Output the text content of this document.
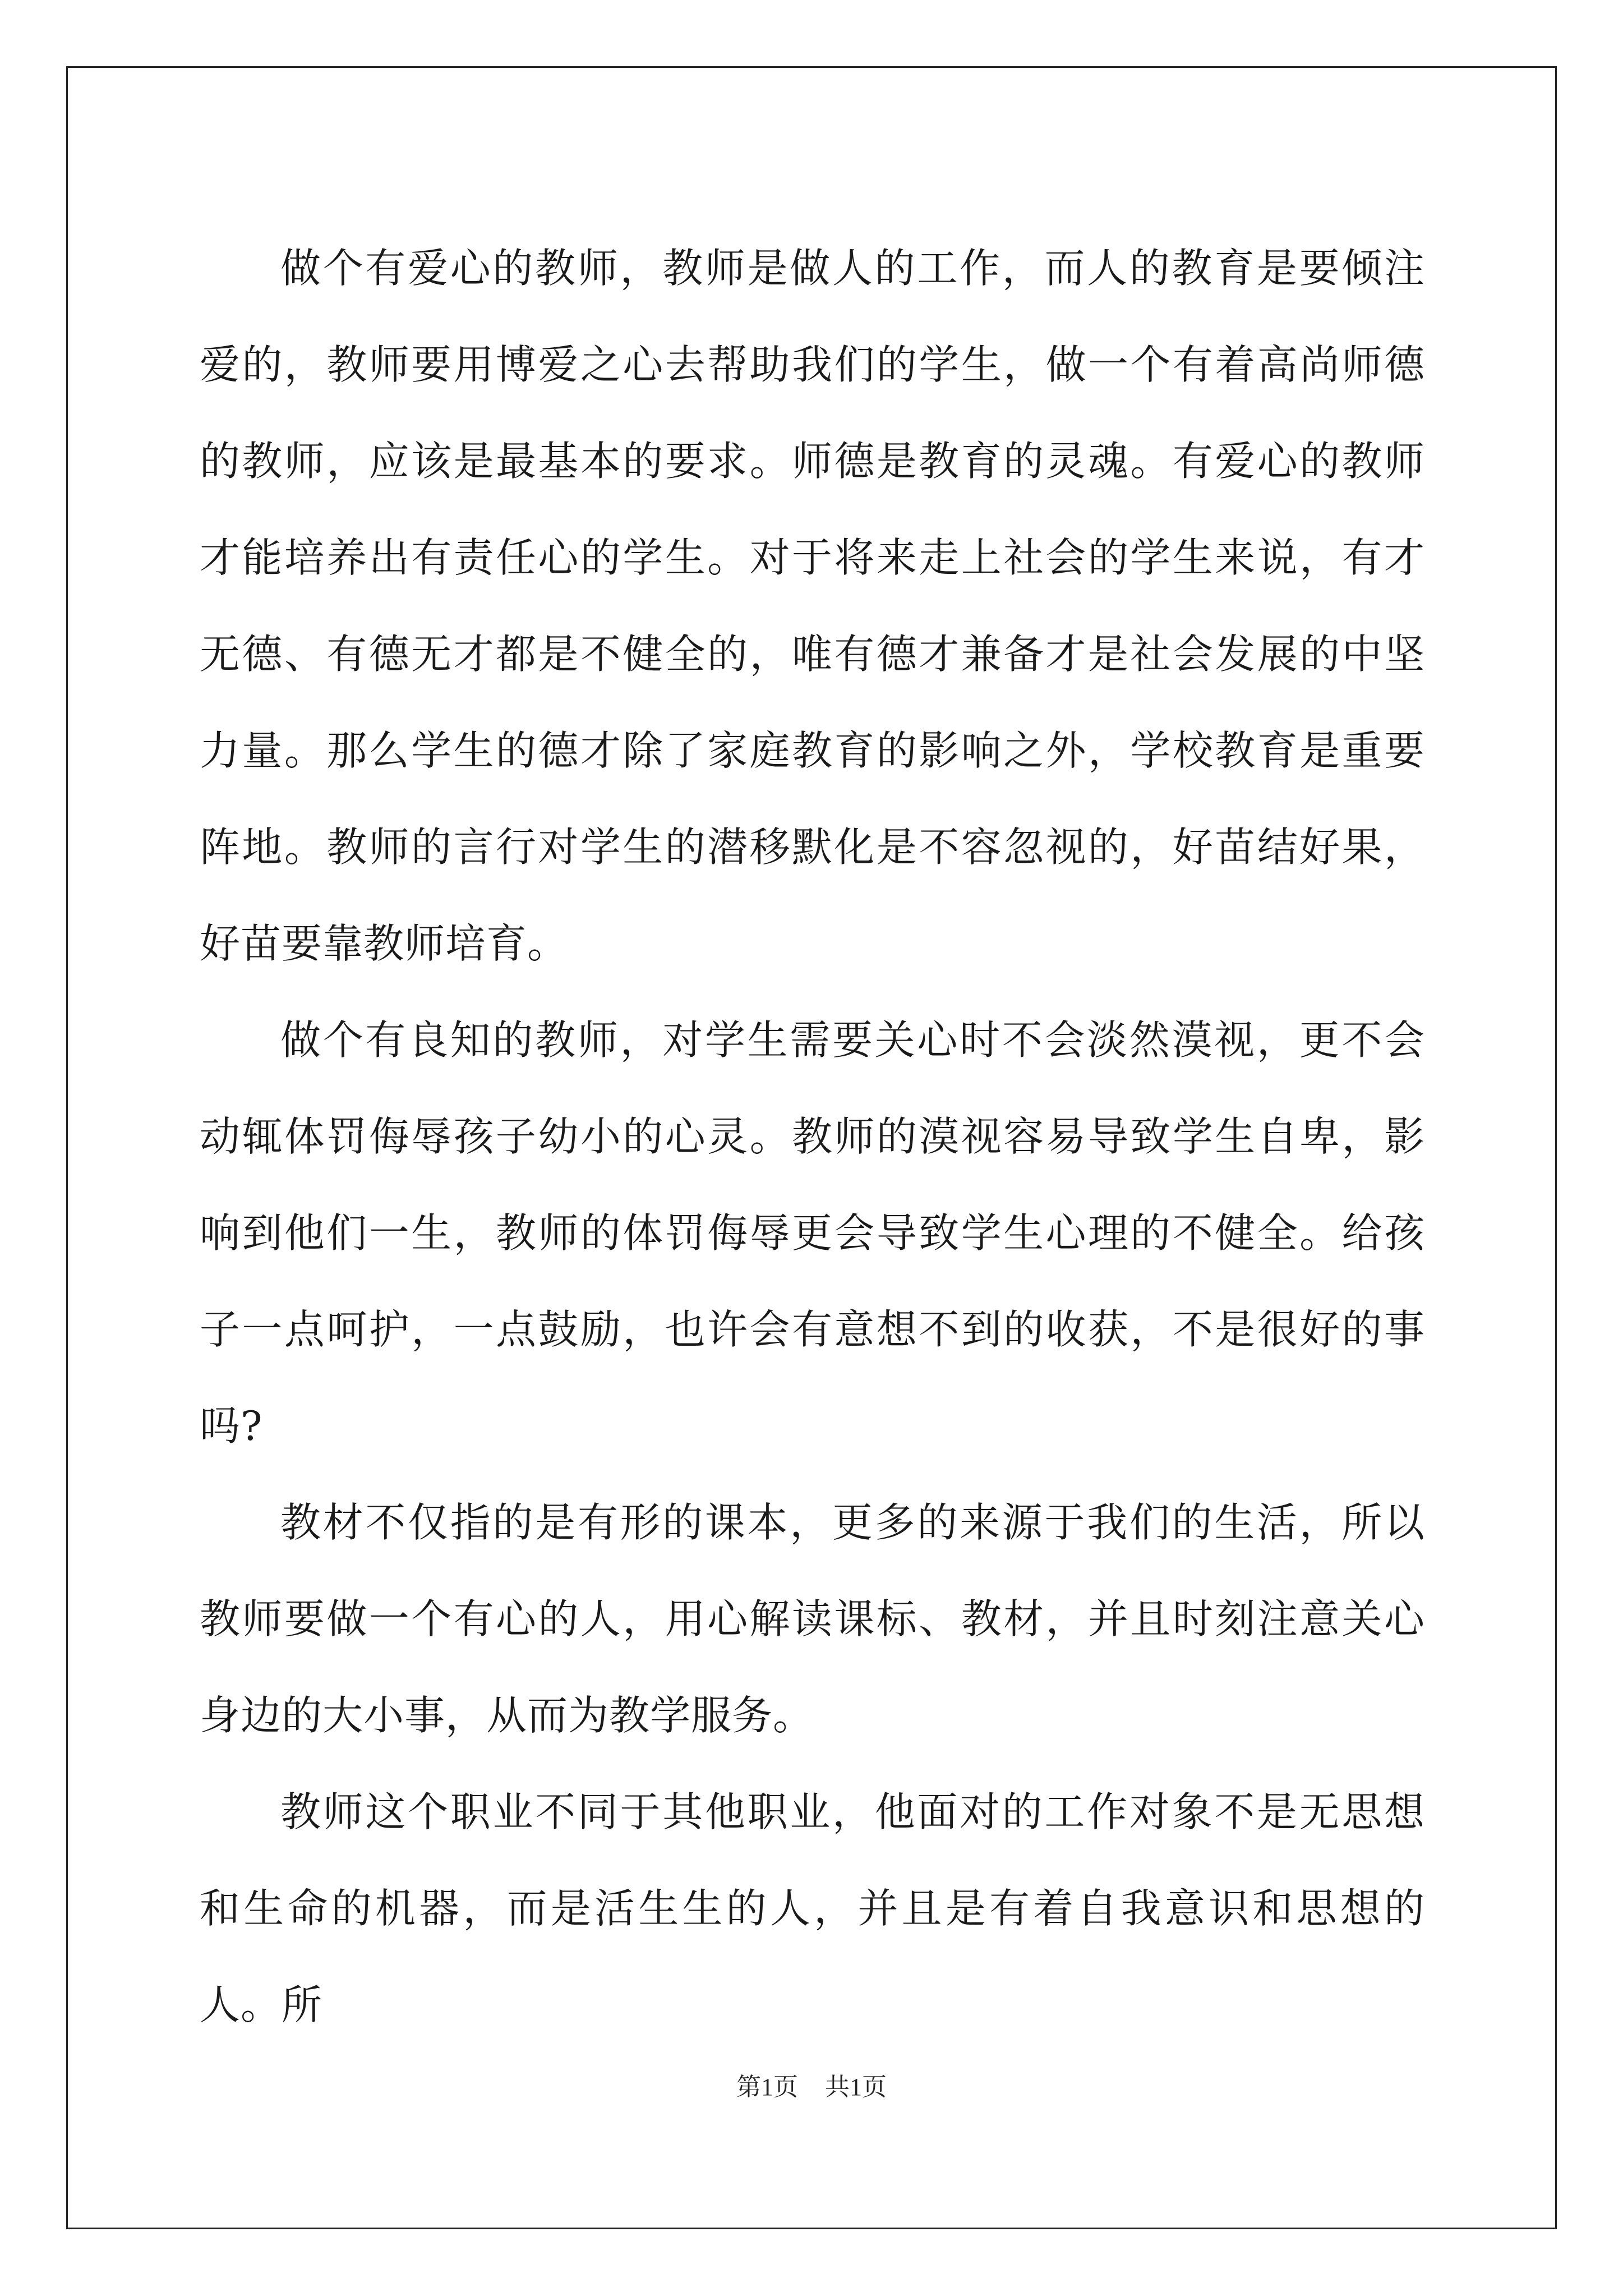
做个有爱心的教师，教师是做人的工作，而人的教育是要倾注爱的，教师要用博爱之心去帮助我们的学生，做一个有着高尚师德的教师，应该是最基本的要求。师德是教育的灵魂。有爱心的教师才能培养出有责任心的学生。对于将来走上社会的学生来说，有才无德、有德无才都是不健全的，唯有德才兼备才是社会发展的中坚力量。那么学生的德才除了家庭教育的影响之外，学校教育是重要阵地。教师的言行对学生的潜移默化是不容忽视的，好苗结好果，好苗要靠教师培育。

做个有良知的教师，对学生需要关心时不会淡然漠视，更不会动辄体罚侮辱孩子幼小的心灵。教师的漠视容易导致学生自卑，影响到他们一生，教师的体罚侮辱更会导致学生心理的不健全。给孩子一点呵护，一点鼓励，也许会有意想不到的收获，不是很好的事吗?

教材不仅指的是有形的课本，更多的来源于我们的生活，所以教师要做一个有心的人，用心解读课标、教材，并且时刻注意关心身边的大小事，从而为教学服务。

教师这个职业不同于其他职业，他面对的工作对象不是无思想和生命的机器，而是活生生的人，并且是有着自我意识和思想的人。所

第1页 共1页
